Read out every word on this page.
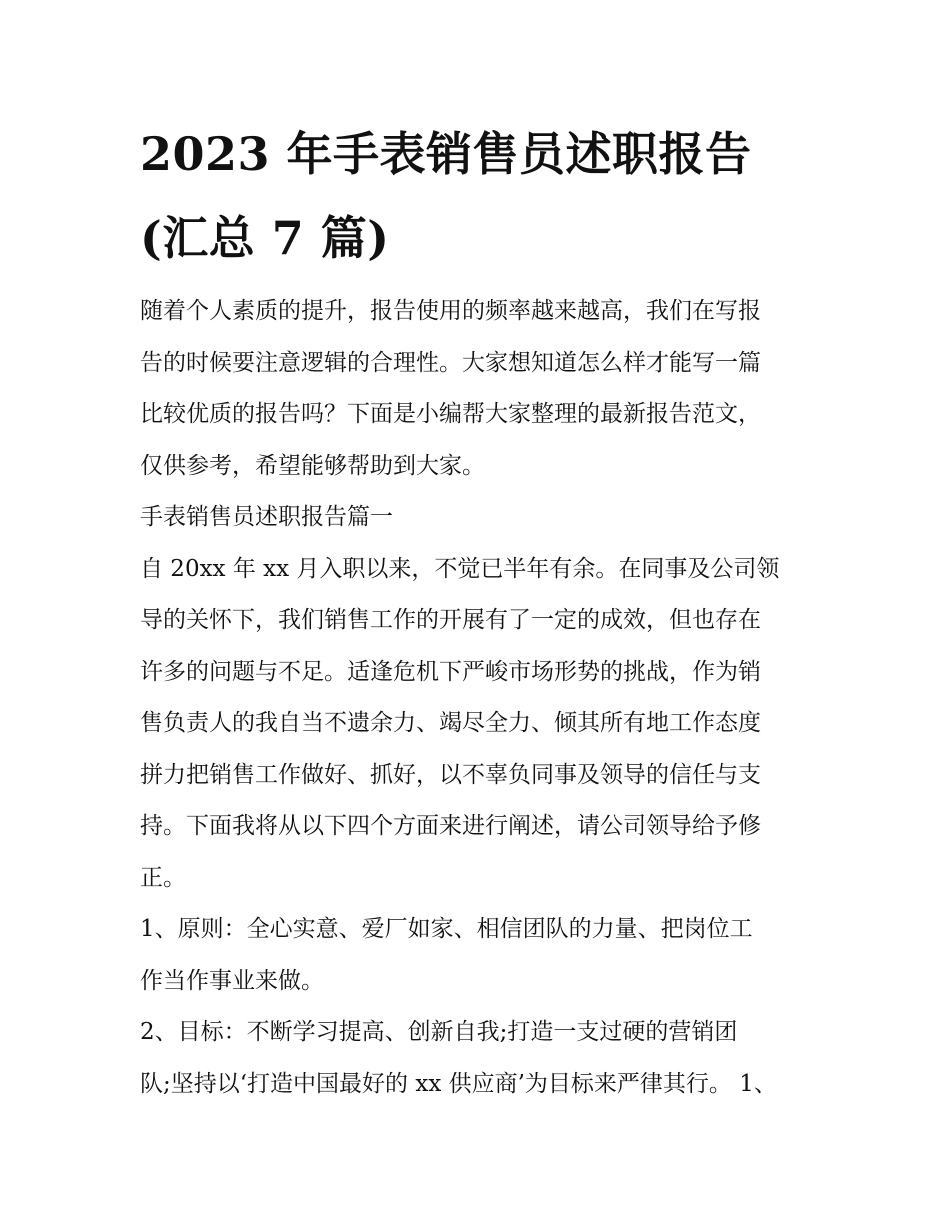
2023 年手表销售员述职报告
(汇总 7 篇)

随着个人素质的提升，报告使用的频率越来越高，我们在写报
告的时候要注意逻辑的合理性。大家想知道怎么样才能写一篇
比较优质的报告吗？下面是小编帮大家整理的最新报告范文，
仅供参考，希望能够帮助到大家。

手表销售员述职报告篇一

自 20xx 年 xx 月入职以来，不觉已半年有余。在同事及公司领
导的关怀下，我们销售工作的开展有了一定的成效，但也存在
许多的问题与不足。适逢危机下严峻市场形势的挑战，作为销
售负责人的我自当不遗余力、竭尽全力、倾其所有地工作态度
拼力把销售工作做好、抓好，以不辜负同事及领导的信任与支
持。下面我将从以下四个方面来进行阐述，请公司领导给予修
正。

1、原则：全心实意、爱厂如家、相信团队的力量、把岗位工
作当作事业来做。

2、目标：不断学习提高、创新自我;打造一支过硬的营销团
队;坚持以‘打造中国最好的 xx 供应商’为目标来严律其行。 1、
